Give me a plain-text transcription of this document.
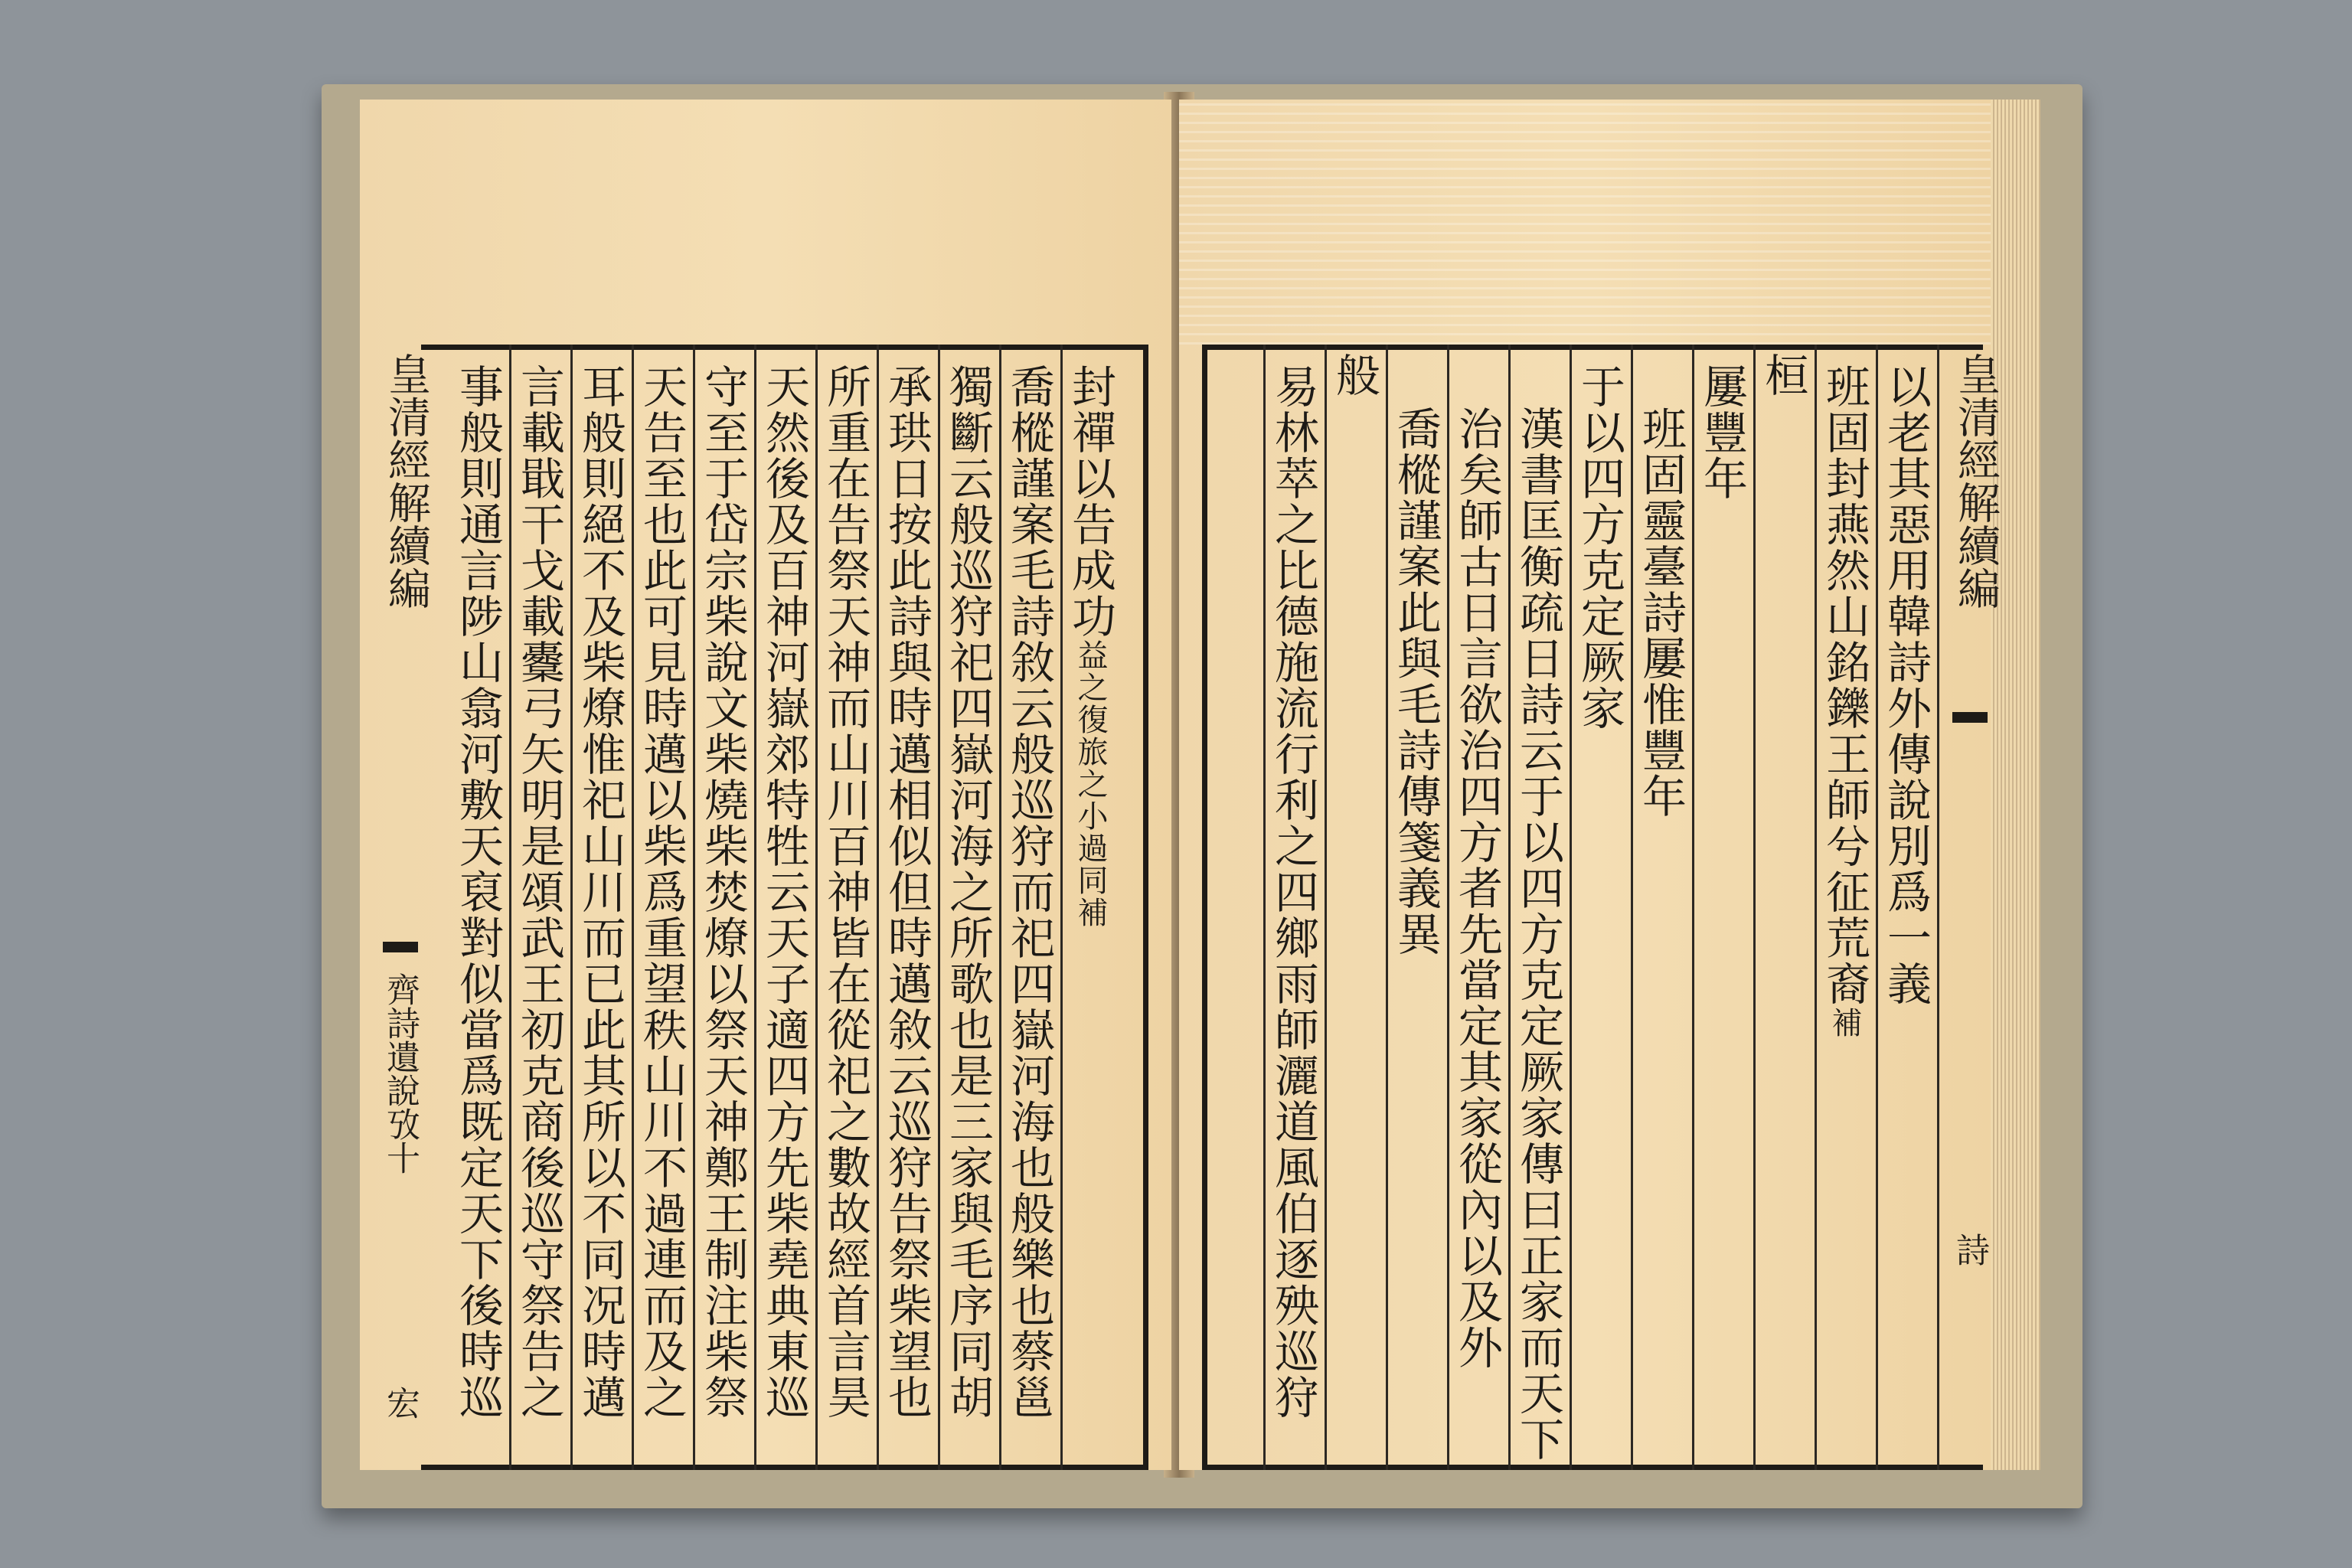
皇清經解續編
齊詩遺說攷十
宏
封禪以告成功益之復旅之小過同補
喬樅謹案毛詩敘云般巡狩而祀四嶽河海也般樂也蔡邕
獨斷云般巡狩祀四嶽河海之所歌也是三家與毛序同胡
承珙日按此詩與時邁相似但時邁敘云巡狩告祭柴望也
所重在告祭天神而山川百神皆在從祀之數故經首言昊
天然後及百神河嶽郊特牲云天子適四方先柴堯典東巡
守至于岱宗柴說文柴燒柴焚燎以祭天神鄭王制注柴祭
天告至也此可見時邁以柴爲重望秩山川不過連而及之
耳般則絕不及柴燎惟祀山川而已此其所以不同况時邁
言載戢干戈載櫜弓矢明是頌武王初克商後巡守祭告之
事般則通言陟山翕河敷天裒對似當爲既定天下後時巡	皇清經解續編
詩
以老其惡用韓詩外傳說別爲一義
班固封燕然山銘鑠王師兮征荒裔補
桓
屢豐年
班固靈臺詩屢惟豐年
于以四方克定厥家
漢書匡衡疏日詩云于以四方克定厥家傳曰正家而天下
治矣師古日言欲治四方者先當定其家從內以及外
喬樅謹案此與毛詩傳箋義異
般
易林萃之比德施流行利之四鄉雨師灑道風伯逐殃巡狩
